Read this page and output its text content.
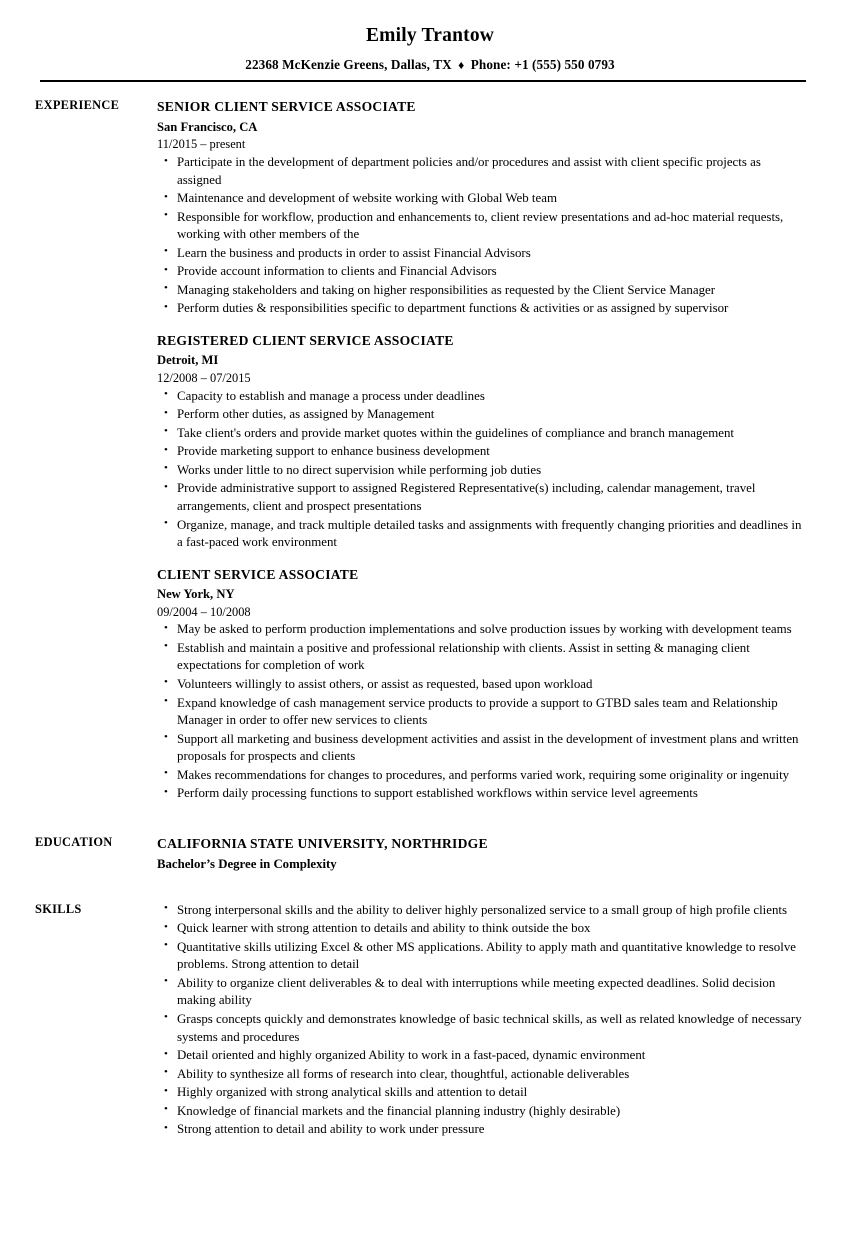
Emily Trantow
22368 McKenzie Greens, Dallas, TX ♦ Phone: +1 (555) 550 0793
EXPERIENCE	SENIOR CLIENT SERVICE ASSOCIATE
San Francisco, CA
11/2015 – present
• Participate in the development of department policies and/or procedures and assist with client specific projects as assigned
• Maintenance and development of website working with Global Web team
• Responsible for workflow, production and enhancements to, client review presentations and ad-hoc material requests, working with other members of the
• Learn the business and products in order to assist Financial Advisors
• Provide account information to clients and Financial Advisors
• Managing stakeholders and taking on higher responsibilities as requested by the Client Service Manager
• Perform duties & responsibilities specific to department functions & activities or as assigned by supervisor
REGISTERED CLIENT SERVICE ASSOCIATE
Detroit, MI
12/2008 – 07/2015
• Capacity to establish and manage a process under deadlines
• Perform other duties, as assigned by Management
• Take client's orders and provide market quotes within the guidelines of compliance and branch management
• Provide marketing support to enhance business development
• Works under little to no direct supervision while performing job duties
• Provide administrative support to assigned Registered Representative(s) including, calendar management, travel arrangements, client and prospect presentations
• Organize, manage, and track multiple detailed tasks and assignments with frequently changing priorities and deadlines in a fast-paced work environment
CLIENT SERVICE ASSOCIATE
New York, NY
09/2004 – 10/2008
• May be asked to perform production implementations and solve production issues by working with development teams
• Establish and maintain a positive and professional relationship with clients. Assist in setting & managing client expectations for completion of work
• Volunteers willingly to assist others, or assist as requested, based upon workload
• Expand knowledge of cash management service products to provide a support to GTBD sales team and Relationship Manager in order to offer new services to clients
• Support all marketing and business development activities and assist in the development of investment plans and written proposals for prospects and clients
• Makes recommendations for changes to procedures, and performs varied work, requiring some originality or ingenuity
• Perform daily processing functions to support established workflows within service level agreements
EDUCATION	CALIFORNIA STATE UNIVERSITY, NORTHRIDGE
Bachelor’s Degree in Complexity
SKILLS	• Strong interpersonal skills and the ability to deliver highly personalized service to a small group of high profile clients
• Quick learner with strong attention to details and ability to think outside the box
• Quantitative skills utilizing Excel & other MS applications. Ability to apply math and quantitative knowledge to resolve problems. Strong attention to detail
• Ability to organize client deliverables & to deal with interruptions while meeting expected deadlines. Solid decision making ability
• Grasps concepts quickly and demonstrates knowledge of basic technical skills, as well as related knowledge of necessary systems and procedures
• Detail oriented and highly organized Ability to work in a fast-paced, dynamic environment
• Ability to synthesize all forms of research into clear, thoughtful, actionable deliverables
• Highly organized with strong analytical skills and attention to detail
• Knowledge of financial markets and the financial planning industry (highly desirable)
• Strong attention to detail and ability to work under pressure
